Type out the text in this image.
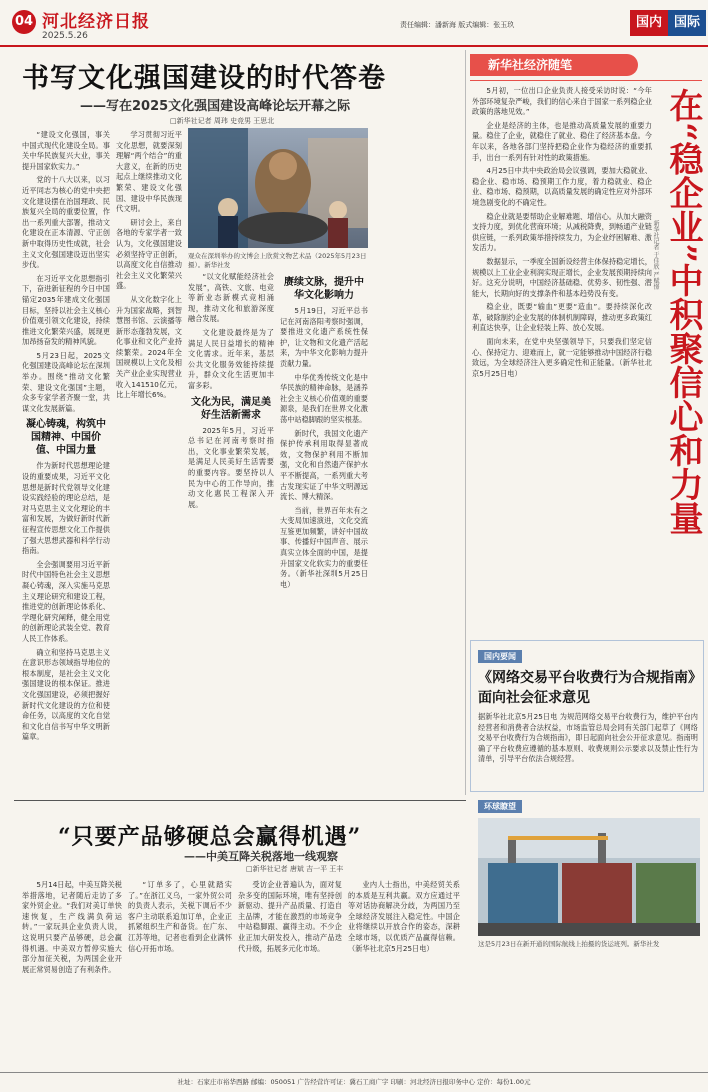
04 河北经济日报
2025.5.26
责任编辑：潘新海 版式编辑：张玉玖	国内 国际
书写文化强国建设的时代答卷
——写在2025文化强国建设高峰论坛开幕之际
□新华社记者 周玮 史竞男 王思北

“建设文化强国，事关中国式现代化建设全局。事关中华民族复兴大业，事关提升国家软实力。”

党的十八大以来，以习近平同志为核心的党中央把文化建设摆在治国理政、民族复兴全局的重要位置，作出一系列重大部署，推动文化建设在正本清源、守正创新中取得历史性成就，社会主义文化强国建设迈出坚实步伐。

在习近平文化思想指引下，奋进新征程的今日中国锚定2035年建成文化强国目标，坚持以社会主义核心价值观引领文化建设，持续推进文化繁荣兴盛，展现更加昂扬奋发的精神风貌。

5月23日起，2025文化强国建设高峰论坛在深圳举办。围绕“推动文化繁荣、建设文化强国”主题，众多专家学者齐聚一堂，共谋文化发展新篇。

凝心铸魂，构筑中国精神、中国价值、中国力量

作为新时代思想理论建设的重要成果，习近平文化思想是新时代党领导文化建设实践经验的理论总结，是对马克思主义文化理论的丰富和发展，为做好新时代新征程宣传思想文化工作提供了强大思想武器和科学行动指南。

全会强调要用习近平新时代中国特色社会主义思想凝心铸魂，深入实施马克思主义理论研究和建设工程，推进党的创新理论体系化、学理化研究阐释，健全用党的创新理论武装全党、教育人民工作体系。

确立和坚持马克思主义在意识形态领域指导地位的根本制度，是社会主义文化强国建设的根本保证。推进文化强国建设，必须把握好新时代文化建设的方位和使命任务，以高度的文化自觉和文化自信书写中华文明新篇章。

学习贯彻习近平文化思想，就要深刻理解“两个结合”的重大意义，在新的历史起点上继续推动文化繁荣、建设文化强国、建设中华民族现代文明。

研讨会上，来自各地的专家学者一致认为，文化强国建设必须坚持守正创新，以高度文化自信推动社会主义文化繁荣兴盛。

从文化数字化上升为国家战略，到智慧图书馆、云演播等新形态蓬勃发展，文化事业和文化产业持续繁荣。2024年全国规模以上文化及相关产业企业实现营业收入141510亿元，比上年增长6%。

观众在深圳举办的文博会上欣赏文物艺术品（2025年5月23日摄）。新华社发

“以文化赋能经济社会发展”，高铁、文旅、电竞等新业态新模式竞相涌现，推动文化和旅游深度融合发展。

文化建设最终是为了满足人民日益增长的精神文化需求。近年来，基层公共文化服务效能持续提升，群众文化生活更加丰富多彩。

文化为民，满足美好生活新需求

2025年5月，习近平总书记在河南考察时指出，文化事业繁荣发展，是满足人民美好生活需要的重要内容。要坚持以人民为中心的工作导向，推动文化惠民工程深入开展。

赓续文脉，提升中华文化影响力

5月19日，习近平总书记在河南洛阳考察时强调，要推进文化遗产系统性保护，让文物和文化遗产活起来，为中华文化影响力提升贡献力量。

中华优秀传统文化是中华民族的精神命脉，是涵养社会主义核心价值观的重要源泉，是我们在世界文化激荡中站稳脚跟的坚实根基。

新时代，我国文化遗产保护传承利用取得显著成效，文物保护利用不断加强，文化和自然遗产保护水平不断提高，一系列重大考古发现实证了中华文明源远流长、博大精深。

当前，世界百年未有之大变局加速演进，文化交流互鉴更加频繁，讲好中国故事、传播好中国声音、展示真实立体全面的中国，是提升国家文化软实力的重要任务。（新华社深圳5月25日电）

新华社经济随笔
在“稳企业”中积聚信心和力量
新华社记者 于佳欣 严赋憬

5月初，一位出口企业负责人接受采访时说：“今年外部环境复杂严峻，我们的信心来自于国家一系列稳企业政策的落地见效。”

企业是经济的主体，也是推动高质量发展的重要力量。稳住了企业，就稳住了就业、稳住了经济基本盘。今年以来，各地各部门坚持把稳企业作为稳经济的重要抓手，出台一系列有针对性的政策措施。

4月25日中共中央政治局会议强调，要加大稳就业、稳企业、稳市场、稳预期工作力度，着力稳就业、稳企业、稳市场、稳预期，以高质量发展的确定性应对外部环境急剧变化的不确定性。

稳企业就是要帮助企业解难题、增信心。从加大融资支持力度，到优化营商环境；从减税降费，到畅通产业链供应链，一系列政策举措持续发力，为企业纾困解难、激发活力。

数据显示，一季度全国新设经营主体保持稳定增长，规模以上工业企业利润实现正增长，企业发展预期持续向好。这充分说明，中国经济基础稳、优势多、韧性强、潜能大，长期向好的支撑条件和基本趋势没有变。

稳企业，既要“输血”更要“造血”。要持续深化改革，破除制约企业发展的体制机制障碍，推动更多政策红利直达快享，让企业轻装上阵、放心发展。

面向未来，在党中央坚强领导下，只要我们坚定信心、保持定力、迎难而上，就一定能够推动中国经济行稳致远，为全球经济注入更多确定性和正能量。（新华社北京5月25日电）

国内要闻
《网络交易平台收费行为合规指南》面向社会征求意见
据新华社北京5月25日电 为规范网络交易平台收费行为，维护平台内经营者和消费者合法权益，市场监管总局会同有关部门起草了《网络交易平台收费行为合规指南》，即日起面向社会公开征求意见。指南明确了平台收费应遵循的基本原则、收费规则公示要求以及禁止性行为清单，引导平台依法合规经营。
“只要产品够硬总会赢得机遇”
——中美互降关税落地一线观察
□新华社记者 唐斌 吉一平 王丰
5月14日起，中美互降关税举措落地，记者随后走访了多家外贸企业。“我们对美订单快速恢复，生产线满负荷运转。”一家玩具企业负责人说，这说明只要产品够硬，总会赢得机遇。中美双方暂停实施大部分加征关税，为两国企业开展正常贸易创造了有利条件。
“订单多了，心里就踏实了。”在浙江义乌，一家外贸公司的负责人表示，关税下调后不少客户主动联系追加订单，企业正抓紧组织生产和备货。在广东、江苏等地，记者也看到企业满怀信心开拓市场。
受访企业普遍认为，面对复杂多变的国际环境，唯有坚持创新驱动、提升产品质量、打造自主品牌，才能在激烈的市场竞争中站稳脚跟、赢得主动。不少企业正加大研发投入，推动产品迭代升级，拓展多元化市场。
业内人士指出，中美经贸关系的本质是互利共赢。双方应通过平等对话协商解决分歧，为两国乃至全球经济发展注入稳定性。中国企业将继续以开放合作的姿态，深耕全球市场，以优质产品赢得信赖。（新华社北京5月25日电）
环球瞭望
这是5月23日在新开通的国际航线上拍摄的货运班列。新华社发
社址：石家庄市裕华西路 邮编：050051 广告经营许可证：冀石工商广字 印刷：河北经济日报印务中心 定价：每份1.00元
